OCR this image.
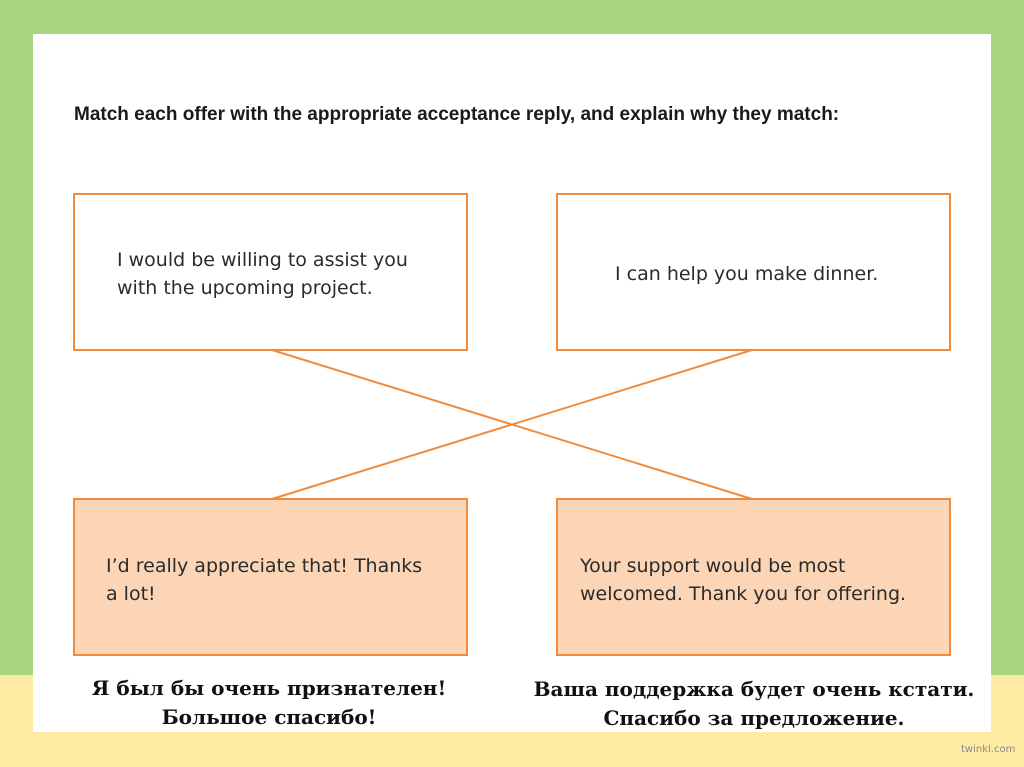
Match each offer with the appropriate acceptance reply, and explain why they match:

I would be willing to assist you
with the upcoming project.
I can help you make dinner.
I’d really appreciate that! Thanks
a lot!
Your support would be most
welcomed. Thank you for offering.
Я был бы очень признателен!
Большое спасибо!
Ваша поддержка будет очень кстати.
Спасибо за предложение.
twinkl.com
